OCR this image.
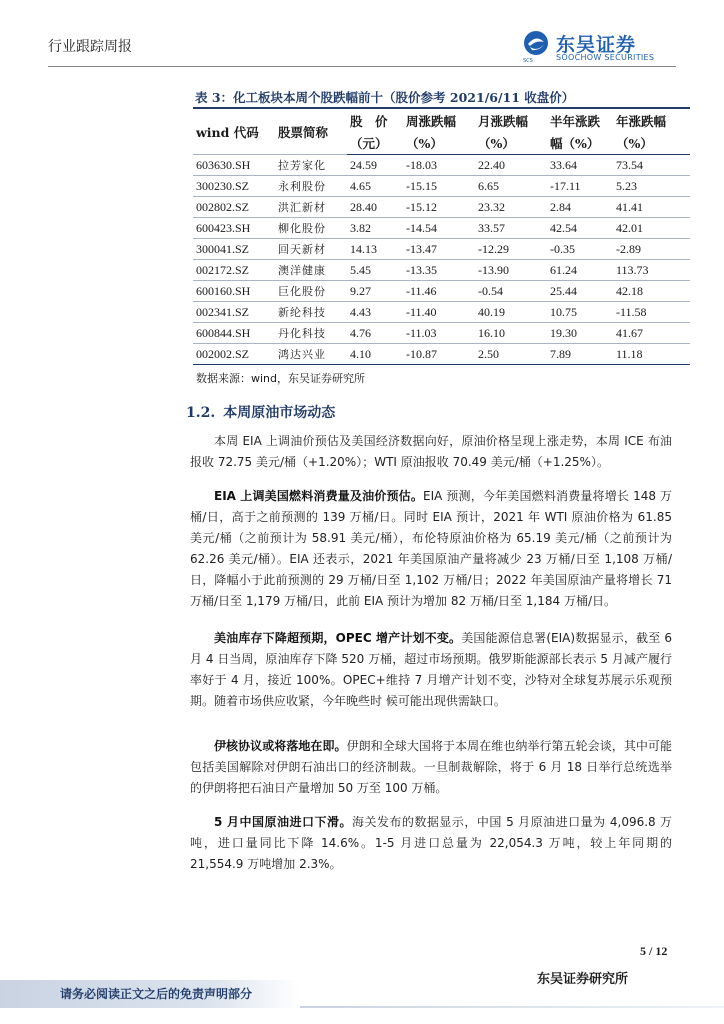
行业跟踪周报
SCS
东吴证券
SOOCHOW SECURITIES
表 3：化工板块本周个股跌幅前十（股价参考 2021/6/11 收盘价）
wind 代码	股票简称	股　价	周涨跌幅	月涨跌幅	半年涨跌	年涨跌幅
		（元）	（%）	（%）	幅（%）	（%）
603630.SH	拉芳家化	24.59	-18.03	22.40	33.64	73.54
300230.SZ	永利股份	4.65	-15.15	6.65	-17.11	5.23
002802.SZ	洪汇新材	28.40	-15.12	23.32	2.84	41.41
600423.SH	柳化股份	3.82	-14.54	33.57	42.54	42.01
300041.SZ	回天新材	14.13	-13.47	-12.29	-0.35	-2.89
002172.SZ	澳洋健康	5.45	-13.35	-13.90	61.24	113.73
600160.SH	巨化股份	9.27	-11.46	-0.54	25.44	42.18
002341.SZ	新纶科技	4.43	-11.40	40.19	10.75	-11.58
600844.SH	丹化科技	4.76	-11.03	16.10	19.30	41.67
002002.SZ	鸿达兴业	4.10	-10.87	2.50	7.89	11.18
数据来源：wind，东吴证券研究所
1.2. 本周原油市场动态
本周 EIA 上调油价预估及美国经济数据向好，原油价格呈现上涨走势，本周 ICE 布油报收 72.75 美元/桶（+1.20%）；WTI 原油报收 70.49 美元/桶（+1.25%）。
EIA 上调美国燃料消费量及油价预估。EIA 预测，今年美国燃料消费量将增长 148 万桶/日，高于之前预测的 139 万桶/日。同时 EIA 预计，2021 年 WTI 原油价格为 61.85 美元/桶（之前预计为 58.91 美元/桶），布伦特原油价格为 65.19 美元/桶（之前预计为 62.26 美元/桶）。EIA 还表示，2021 年美国原油产量将减少 23 万桶/日至 1,108 万桶/日，降幅小于此前预测的 29 万桶/日至 1,102 万桶/日；2022 年美国原油产量将增长 71 万桶/日至 1,179 万桶/日，此前 EIA 预计为增加 82 万桶/日至 1,184 万桶/日。
美油库存下降超预期，OPEC 增产计划不变。美国能源信息署(EIA)数据显示，截至 6 月 4 日当周，原油库存下降 520 万桶，超过市场预期。俄罗斯能源部长表示 5 月减产履行率好于 4 月，接近 100%。OPEC+维持 7 月增产计划不变，沙特对全球复苏展示乐观预期。随着市场供应收紧，今年晚些时 候可能出现供需缺口。
伊核协议或将落地在即。伊朗和全球大国将于本周在维也纳举行第五轮会谈，其中可能 包括美国解除对伊朗石油出口的经济制裁。一旦制裁解除，将于 6 月 18 日举行总统选举的伊朗将把石油日产量增加 50 万至 100 万桶。
5 月中国原油进口下滑。海关发布的数据显示，中国 5 月原油进口量为 4,096.8 万吨，进口量同比下降 14.6%。1-5 月进口总量为 22,054.3 万吨，较上年同期的 21,554.9 万吨增加 2.3%。
5 / 12
东吴证券研究所
请务必阅读正文之后的免责声明部分
